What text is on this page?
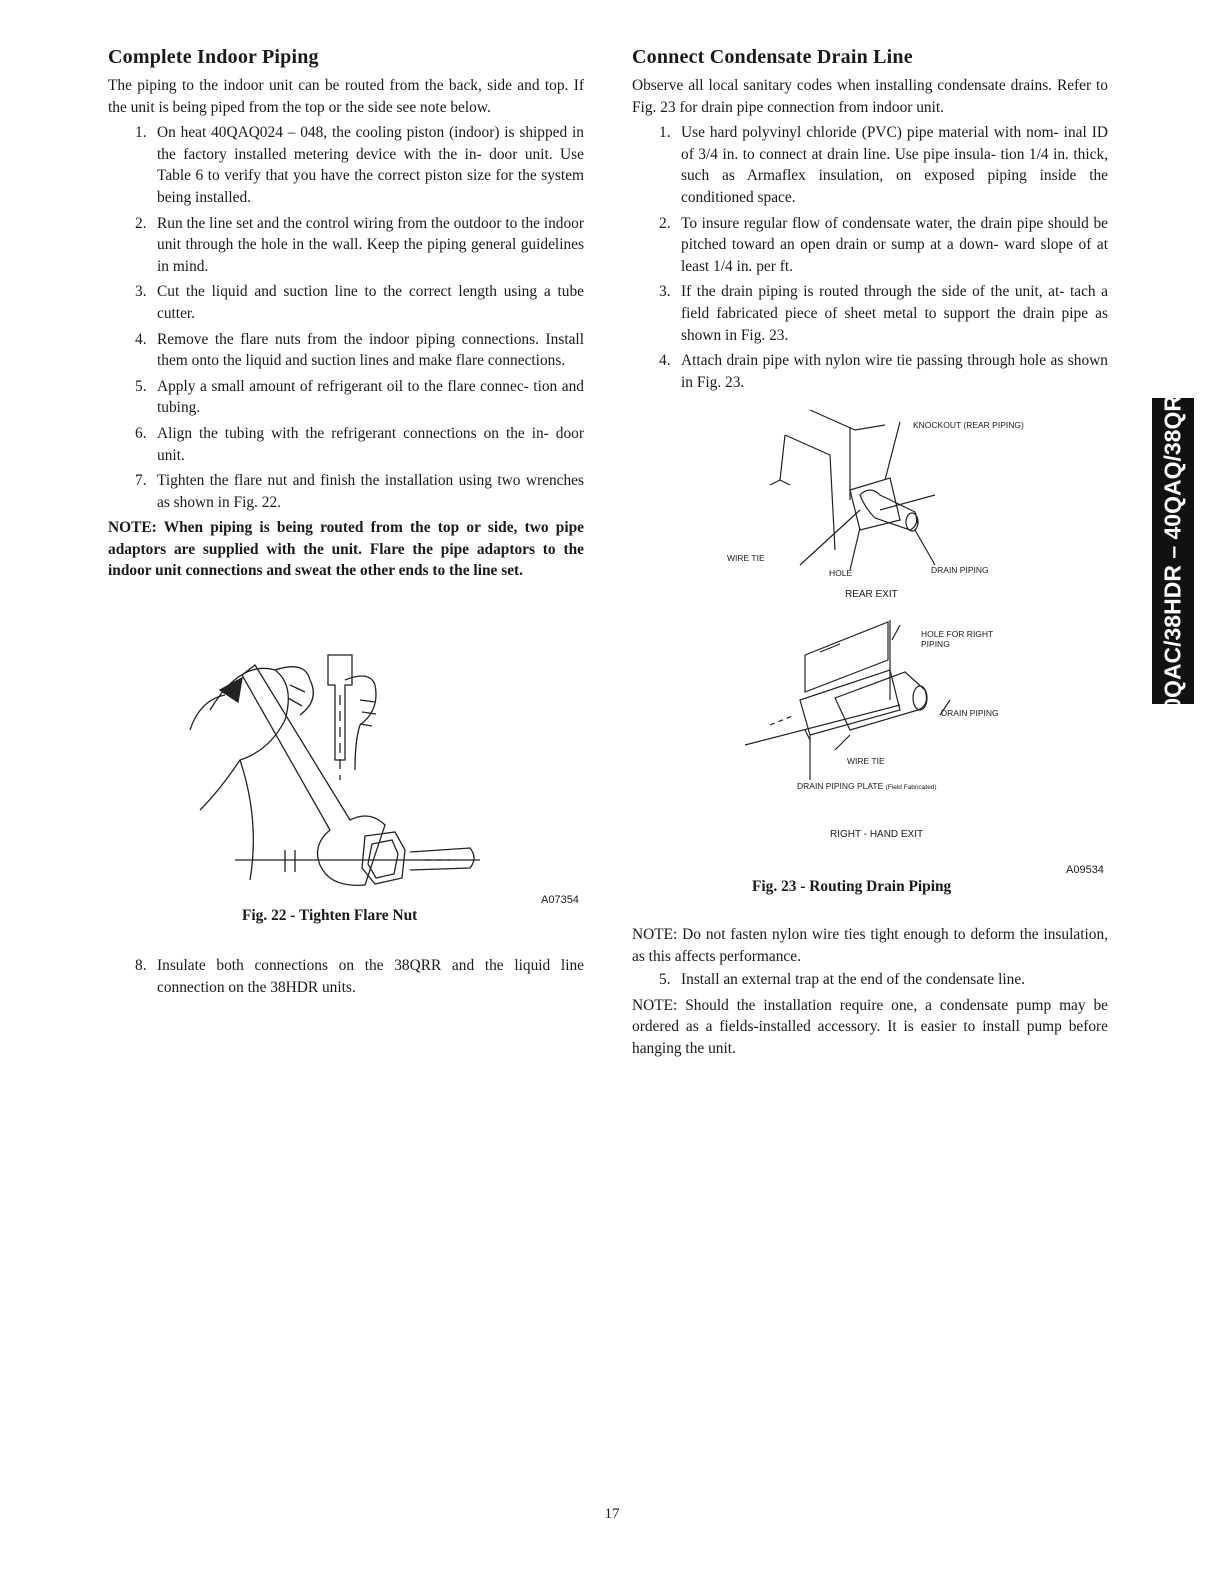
Complete Indoor Piping

The piping to the indoor unit can be routed from the back, side and top. If the unit is being piped from the top or the side see note below.

1. On heat 40QAQ024 – 048, the cooling piston (indoor) is shipped in the factory installed metering device with the in- door unit. Use Table 6 to verify that you have the correct piston size for the system being installed.
2. Run the line set and the control wiring from the outdoor to the indoor unit through the hole in the wall. Keep the piping general guidelines in mind.
3. Cut the liquid and suction line to the correct length using a tube cutter.
4. Remove the flare nuts from the indoor piping connections. Install them onto the liquid and suction lines and make flare connections.
5. Apply a small amount of refrigerant oil to the flare connec- tion and tubing.
6. Align the tubing with the refrigerant connections on the in- door unit.
7. Tighten the flare nut and finish the installation using two wrenches as shown in Fig. 22.
NOTE: When piping is being routed from the top or side, two pipe adaptors are supplied with the unit. Flare the pipe adaptors to the indoor unit connections and sweat the other ends to the line set.
A07354
Fig. 22 - Tighten Flare Nut
8. Insulate both connections on the 38QRR and the liquid line connection on the 38HDR units.
Connect Condensate Drain Line

Observe all local sanitary codes when installing condensate drains. Refer to Fig. 23 for drain pipe connection from indoor unit.

1. Use hard polyvinyl chloride (PVC) pipe material with nom- inal ID of 3/4 in. to connect at drain line. Use pipe insula- tion 1/4 in. thick, such as Armaflex insulation, on exposed piping inside the conditioned space.
2. To insure regular flow of condensate water, the drain pipe should be pitched toward an open drain or sump at a down- ward slope of at least 1/4 in. per ft.
3. If the drain piping is routed through the side of the unit, at- tach a field fabricated piece of sheet metal to support the drain pipe as shown in Fig. 23.
4. Attach drain pipe with nylon wire tie passing through hole as shown in Fig. 23.
KNOCKOUT (REAR PIPING)
WIRE TIE
HOLE	DRAIN PIPING
REAR EXIT
HOLE FOR RIGHT
PIPING
DRAIN PIPING
WIRE TIE
DRAIN PIPING PLATE (Field Fabricated)
RIGHT - HAND EXIT
A09534
Fig. 23 - Routing Drain Piping
NOTE: Do not fasten nylon wire ties tight enough to deform the insulation, as this affects performance.
5. Install an external trap at the end of the condensate line.
NOTE: Should the installation require one, a condensate pump may be ordered as a fields-installed accessory. It is easier to install pump before hanging the unit.
40QAC/38HDR – 40QAQ/38QRR
17
